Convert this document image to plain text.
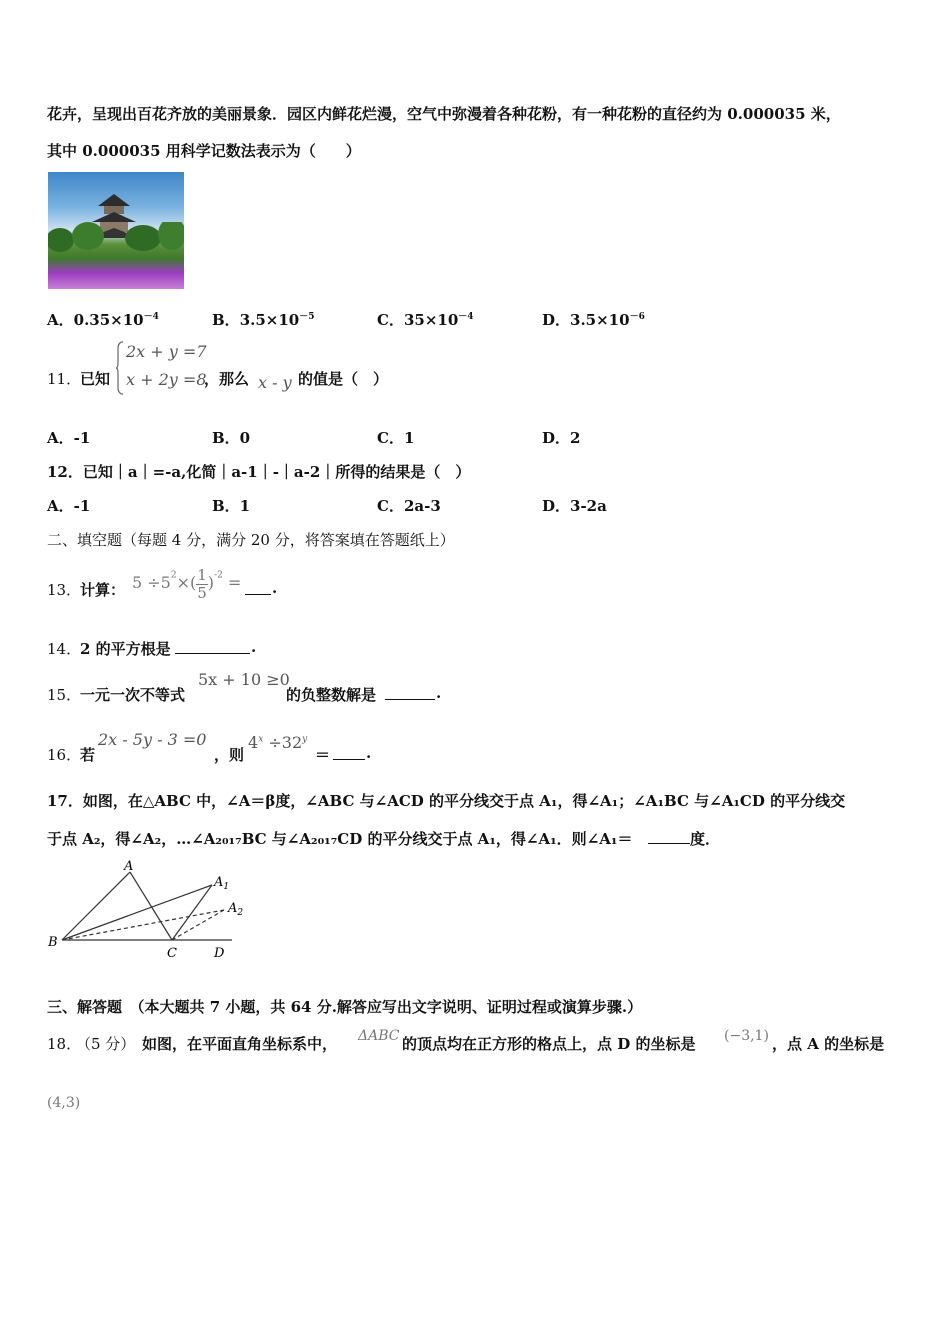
花卉，呈现出百花齐放的美丽景象．园区内鲜花烂漫，空气中弥漫着各种花粉，有一种花粉的直径约为 0.000035 米，
其中 0.000035 用科学记数法表示为（　　）
A．$0.35\times 10^{-4}$	B．$3.5\times 10^{-5}$	C．$35\times 10^{-4}$	D．$3.5\times 10^{-6}$
11．
已知
2x + y =7
x + 2y =8
，那么 x - y 的值是（　）
A．-1	B．0	C．1	D．2
12．已知｜a｜=-a,化简｜a-1｜-｜a-2｜所得的结果是（　）
A．-1	B．1	C．2a-3	D．3-2a
二、填空题（每题 4 分，满分 20 分，将答案填在答题纸上）
13．
计算： $5 \div 5^2\times( \frac{1}{5} )^{-2}$ = .
14．
2 的平方根是	.
15．
一元一次不等式
5x + 10 ≥0
的负整数解是	.
16．
若
2x - 5y - 3 =0
，则
$4^x \div 32^y$
＝ .
17．如图，在△ABC 中，∠A＝β度，∠ABC 与∠ACD 的平分线交于点 A₁，得∠A₁；∠A₁BC 与∠A₁CD 的平分线交
于点 A₂，得∠A₂，…∠A₂₀₁₇BC 与∠A₂₀₁₇CD 的平分线交于点 A₁，得∠A₁．则∠A₁＝	度．
A
$A_1$
$A_2$
B
C	D
三、解答题　（本大题共 7 小题，共 64 分.解答应写出文字说明、证明过程或演算步骤.）
18．
（5 分） 如图，在平面直角坐标系中， ΔABC 的顶点均在正方形的格点上，点 D 的坐标是 (−3,1) ，点 A 的坐标是
(4,3)
